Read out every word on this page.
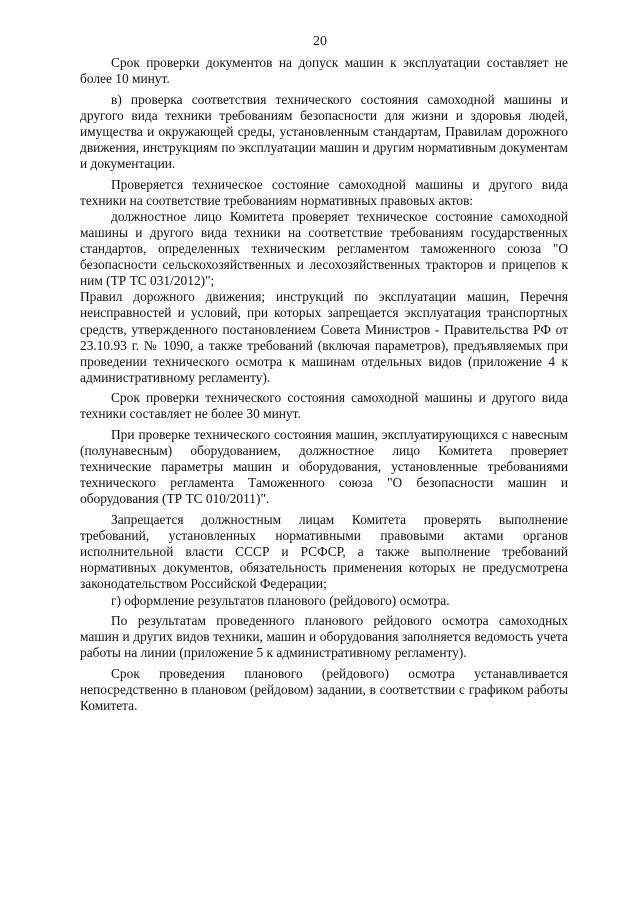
20

Срок проверки документов на допуск машин к эксплуатации составляет не более 10 минут.

в) проверка соответствия технического состояния самоходной машины и другого вида техники требованиям безопасности для жизни и здоровья людей, имущества и окружающей среды, установленным стандартам, Правилам дорожного движения, инструкциям по эксплуатации машин и другим нормативным документам и документации.

Проверяется техническое состояние самоходной машины и другого вида техники на соответствие требованиям нормативных правовых актов:

должностное лицо Комитета проверяет техническое состояние самоходной машины и другого вида техники на соответствие требованиям государственных стандартов, определенных техническим регламентом таможенного союза "О безопасности сельскохозяйственных и лесохозяйственных тракторов и прицепов к ним (ТР ТС 031/2012)";

Правил дорожного движения; инструкций по эксплуатации машин, Перечня неисправностей и условий, при которых запрещается эксплуатация транспортных средств, утвержденного постановлением Совета Министров - Правительства РФ от 23.10.93 г. № 1090, а также требований (включая параметров), предъявляемых при проведении технического осмотра к машинам отдельных видов (приложение 4 к административному регламенту).

Срок проверки технического состояния самоходной машины и другого вида техники составляет не более 30 минут.

При проверке технического состояния машин, эксплуатирующихся с навесным (полунавесным) оборудованием, должностное лицо Комитета проверяет технические параметры машин и оборудования, установленные требованиями технического регламента Таможенного союза "О безопасности машин и оборудования (ТР ТС 010/2011)".

Запрещается должностным лицам Комитета проверять выполнение требований, установленных нормативными правовыми актами органов исполнительной власти СССР и РСФСР, а также выполнение требований нормативных документов, обязательность применения которых не предусмотрена законодательством Российской Федерации;

г) оформление результатов планового (рейдового) осмотра.

По результатам проведенного планового рейдового осмотра самоходных машин и других видов техники, машин и оборудования заполняется ведомость учета работы на линии (приложение 5 к административному регламенту).

Срок проведения планового (рейдового) осмотра устанавливается непосредственно в плановом (рейдовом) задании, в соответствии с графиком работы Комитета.
